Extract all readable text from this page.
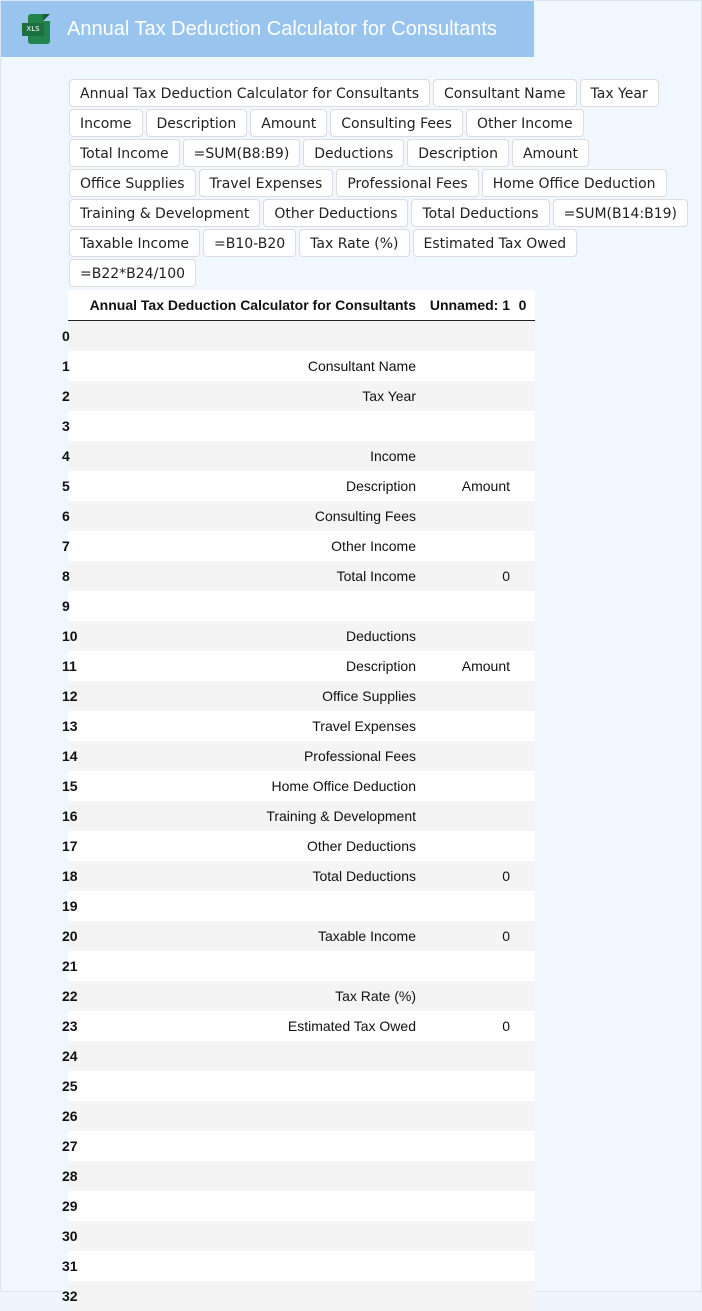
XLS Annual Tax Deduction Calculator for Consultants
Annual Tax Deduction Calculator for Consultants	Consultant Name	Tax Year
Income	Description	Amount	Consulting Fees	Other Income
Total Income	=SUM(B8:B9)	Deductions	Description	Amount
Office Supplies	Travel Expenses	Professional Fees	Home Office Deduction
Training & Development	Other Deductions	Total Deductions	=SUM(B14:B19)
Taxable Income	=B10-B20	Tax Rate (%)	Estimated Tax Owed
=B22*B24/100
	Annual Tax Deduction Calculator for Consultants	Unnamed: 1	0
0			
1	Consultant Name		
2	Tax Year		
3			
4	Income		
5	Description	Amount	
6	Consulting Fees		
7	Other Income		
8	Total Income	0	
9			
10	Deductions		
11	Description	Amount	
12	Office Supplies		
13	Travel Expenses		
14	Professional Fees		
15	Home Office Deduction		
16	Training & Development		
17	Other Deductions		
18	Total Deductions	0	
19			
20	Taxable Income	0	
21			
22	Tax Rate (%)		
23	Estimated Tax Owed	0	
24			
25			
26			
27			
28			
29			
30			
31			
32			
